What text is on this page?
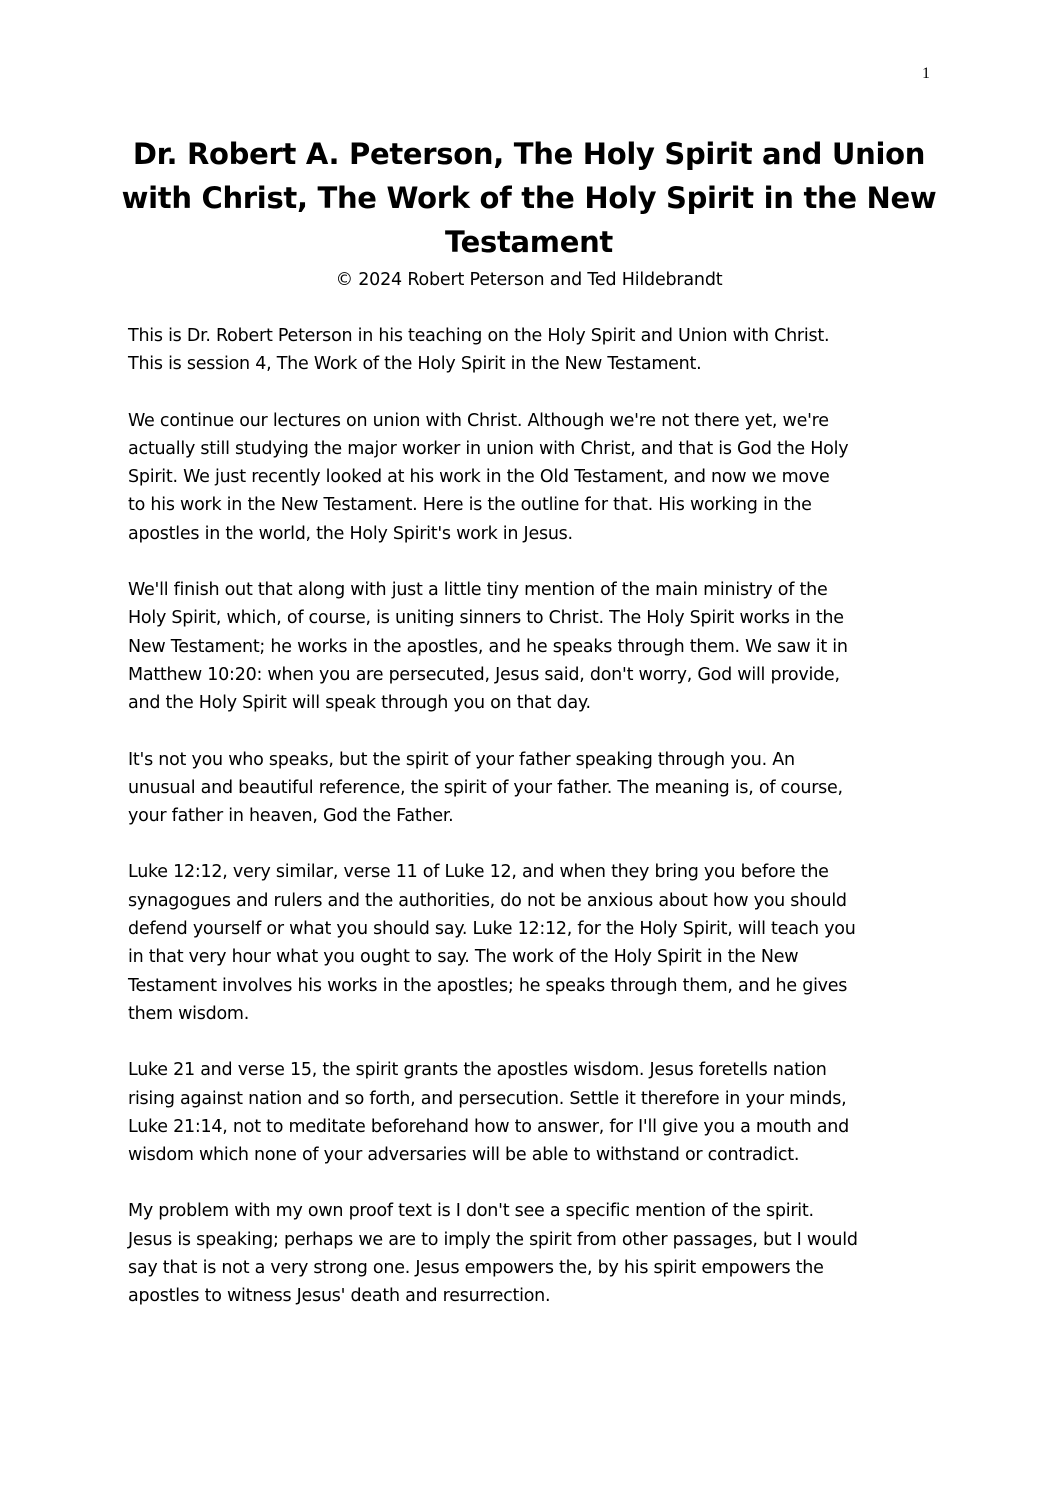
1
Dr. Robert A. Peterson, The Holy Spirit and Union with Christ, The Work of the Holy Spirit in the New Testament
© 2024 Robert Peterson and Ted Hildebrandt

This is Dr. Robert Peterson in his teaching on the Holy Spirit and Union with Christ.
This is session 4, The Work of the Holy Spirit in the New Testament.

We continue our lectures on union with Christ. Although we're not there yet, we're
actually still studying the major worker in union with Christ, and that is God the Holy
Spirit. We just recently looked at his work in the Old Testament, and now we move
to his work in the New Testament. Here is the outline for that. His working in the
apostles in the world, the Holy Spirit's work in Jesus.

We'll finish out that along with just a little tiny mention of the main ministry of the
Holy Spirit, which, of course, is uniting sinners to Christ. The Holy Spirit works in the
New Testament; he works in the apostles, and he speaks through them. We saw it in
Matthew 10:20: when you are persecuted, Jesus said, don't worry, God will provide,
and the Holy Spirit will speak through you on that day.

It's not you who speaks, but the spirit of your father speaking through you. An
unusual and beautiful reference, the spirit of your father. The meaning is, of course,
your father in heaven, God the Father.

Luke 12:12, very similar, verse 11 of Luke 12, and when they bring you before the
synagogues and rulers and the authorities, do not be anxious about how you should
defend yourself or what you should say. Luke 12:12, for the Holy Spirit, will teach you
in that very hour what you ought to say. The work of the Holy Spirit in the New
Testament involves his works in the apostles; he speaks through them, and he gives
them wisdom.

Luke 21 and verse 15, the spirit grants the apostles wisdom. Jesus foretells nation
rising against nation and so forth, and persecution. Settle it therefore in your minds,
Luke 21:14, not to meditate beforehand how to answer, for I'll give you a mouth and
wisdom which none of your adversaries will be able to withstand or contradict.

My problem with my own proof text is I don't see a specific mention of the spirit.
Jesus is speaking; perhaps we are to imply the spirit from other passages, but I would
say that is not a very strong one. Jesus empowers the, by his spirit empowers the
apostles to witness Jesus' death and resurrection.
